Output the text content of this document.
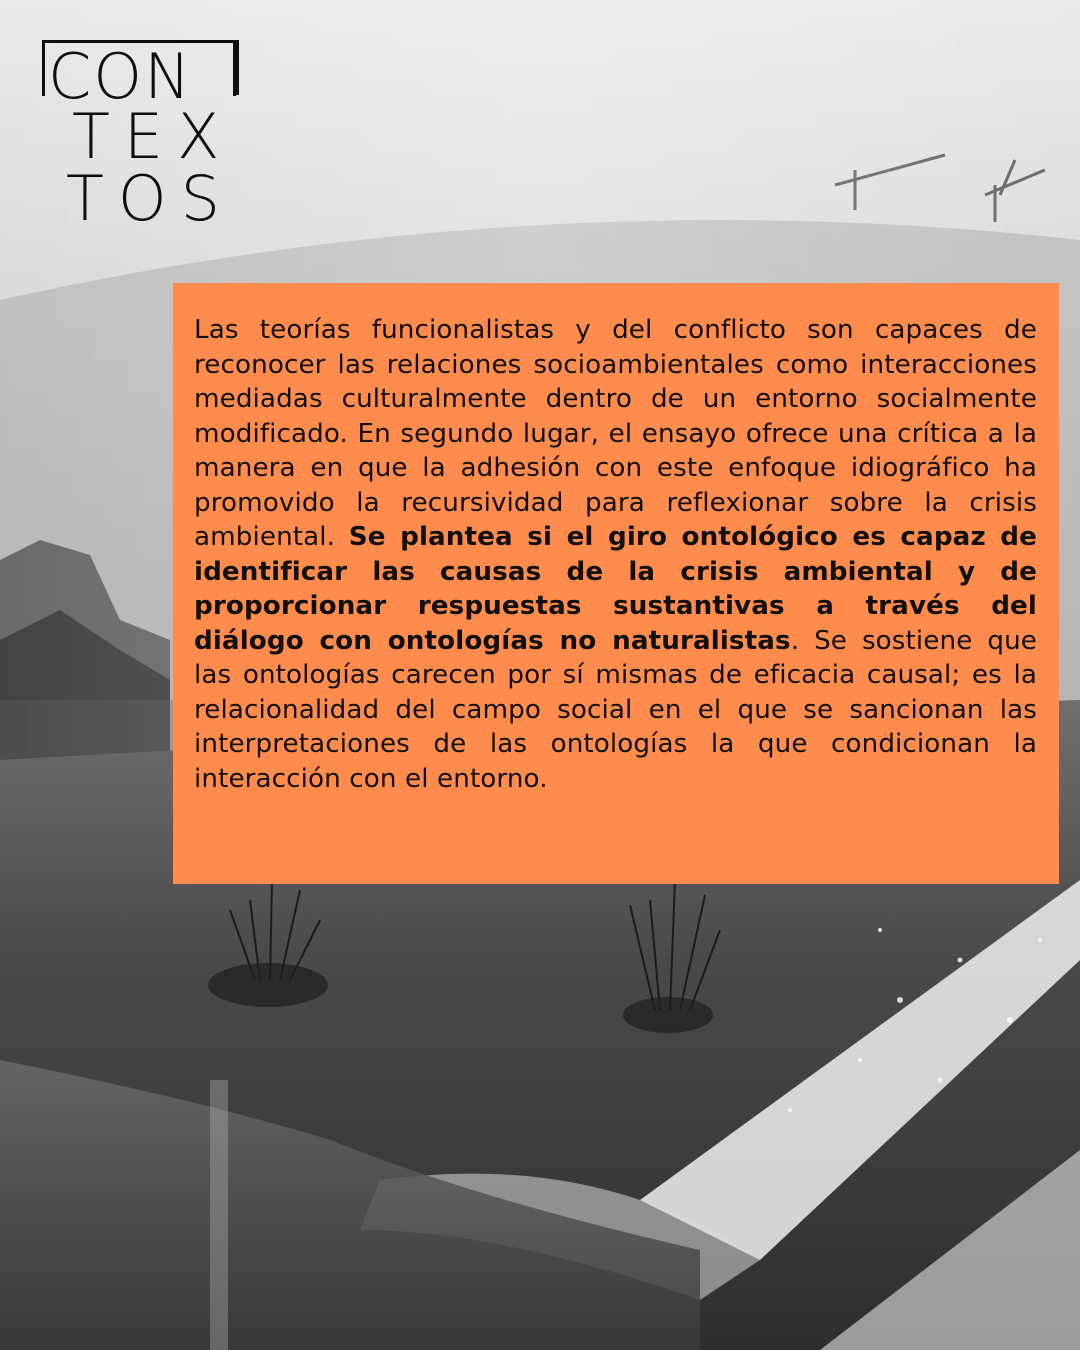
CON
TEX
TOS

Las teorías funcionalistas y del conflicto son capaces de reconocer las relaciones socioambientales como interacciones mediadas culturalmente dentro de un entorno socialmente modificado. En segundo lugar, el ensayo ofrece una crítica a la manera en que la adhesión con este enfoque idiográfico ha promovido la recursividad para reflexionar sobre la crisis ambiental. Se plantea si el giro ontológico es capaz de identificar las causas de la crisis ambiental y de proporcionar respuestas sustantivas a través del diálogo con ontologías no naturalistas. Se sostiene que las ontologías carecen por sí mismas de eficacia causal; es la relacionalidad del campo social en el que se sancionan las interpretaciones de las ontologías la que condicionan la interacción con el entorno.
